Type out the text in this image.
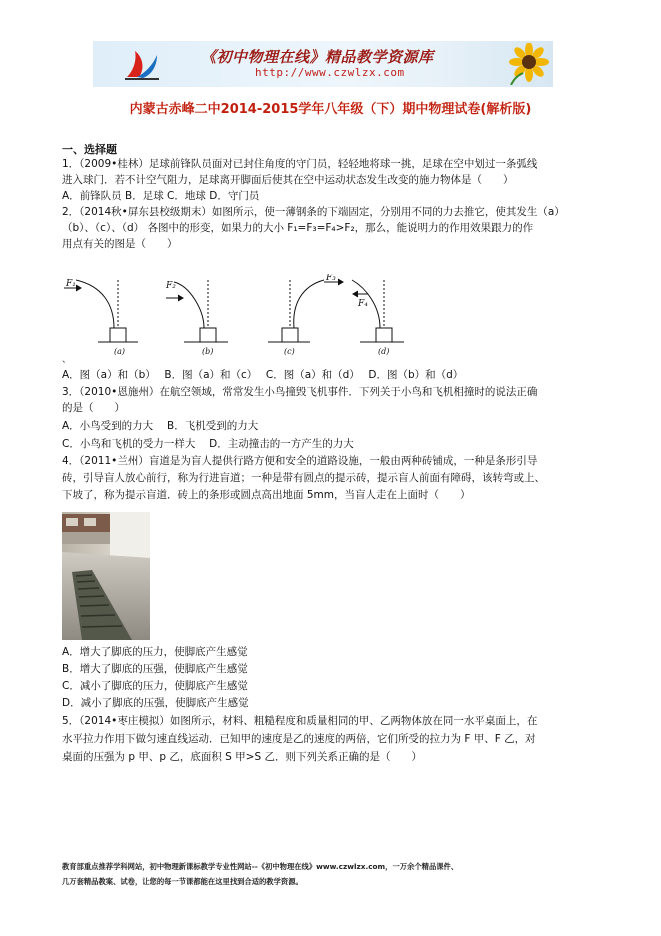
《初中物理在线》精品教学资源库
http://www.czwlzx.com
内蒙古赤峰二中2014-2015学年八年级（下）期中物理试卷(解析版)
一、选择题
1．（2009•桂林）足球前锋队员面对已封住角度的守门员，轻轻地将球一挑，足球在空中划过一条弧线
进入球门．若不计空气阻力，足球离开脚面后使其在空中运动状态发生改变的施力物体是（　　）
A．前锋队员 B．足球 C．地球 D．守门员
2．（2014秋•屏东县校级期末）如图所示，使一薄钢条的下端固定，分别用不同的力去推它，使其发生（a）
（b）、（c）、（d） 各图中的形变，如果力的大小 F₁=F₃=F₄>F₂，那么，能说明力的作用效果跟力的作
用点有关的图是（　　）
F₁	F₂
F₃
F₄
(a)	(b)	(c)	(d)
、
A．图（a）和（b）　 B．图（a）和（c）　 C．图（a）和（d）　 D．图（b）和（d）
3．（2010•恩施州）在航空领域，常常发生小鸟撞毁飞机事件．下列关于小鸟和飞机相撞时的说法正确
的是（　　）
A．小鸟受到的力大　 B．飞机受到的力大
C．小鸟和飞机的受力一样大　 D．主动撞击的一方产生的力大
4．（2011•兰州）盲道是为盲人提供行路方便和安全的道路设施，一般由两种砖铺成，一种是条形引导
砖，引导盲人放心前行，称为行进盲道；一种是带有圆点的提示砖，提示盲人前面有障碍，该转弯或上、
下坡了，称为提示盲道．砖上的条形或圆点高出地面 5mm，当盲人走在上面时（　　）
A．增大了脚底的压力，使脚底产生感觉
B．增大了脚底的压强，使脚底产生感觉
C．减小了脚底的压力，使脚底产生感觉
D．减小了脚底的压强，使脚底产生感觉
5．（2014•枣庄模拟）如图所示，材料、粗糙程度和质量相同的甲、乙两物体放在同一水平桌面上，在
水平拉力作用下做匀速直线运动．已知甲的速度是乙的速度的两倍，它们所受的拉力为 F 甲、F 乙，对
桌面的压强为 p 甲、p 乙，底面积 S 甲>S 乙．则下列关系正确的是（　　）
教育部重点推荐学科网站，初中物理新课标教学专业性网站--《初中物理在线》www.czwlzx.com，一万余个精品课件、
几万套精品教案、试卷，让您的每一节课都能在这里找到合适的教学资源。
